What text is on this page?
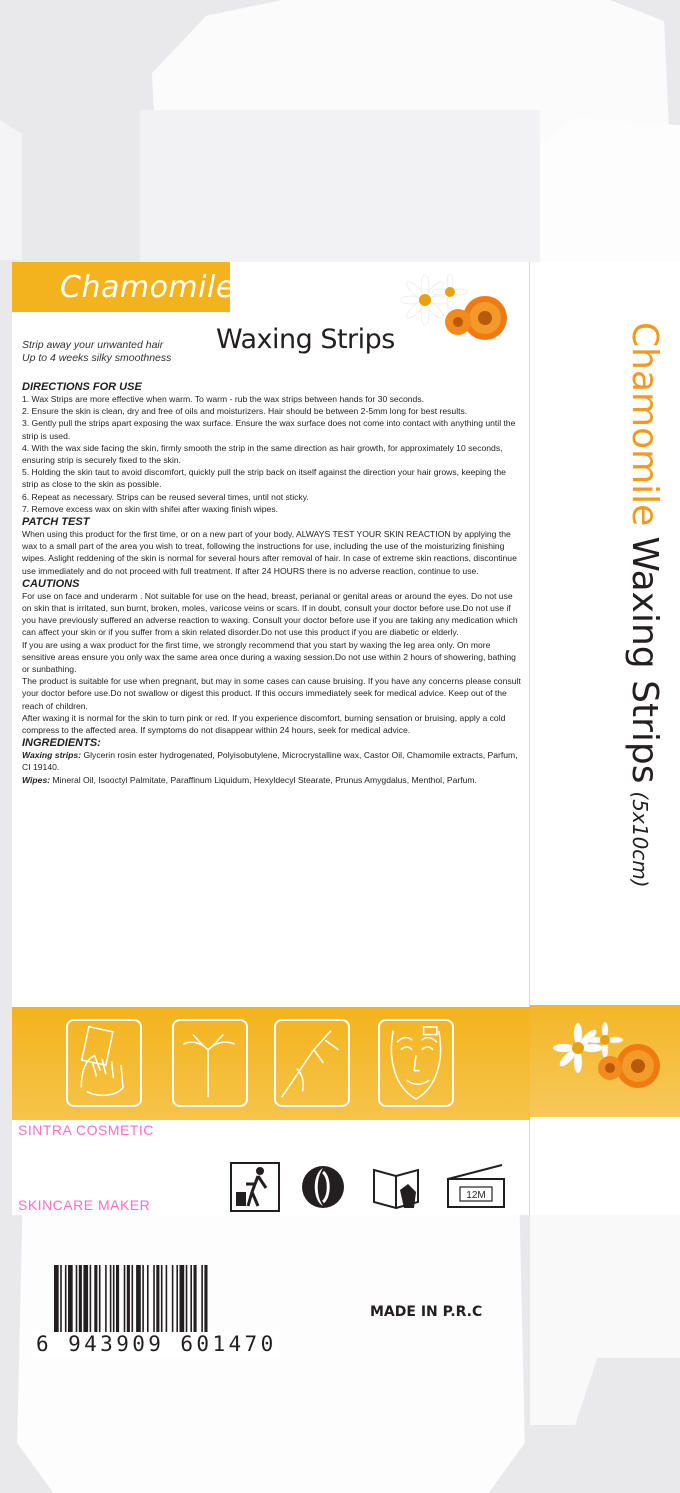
Chamomile
Strip away your unwanted hair
Up to 4 weeks silky smoothness
Waxing Strips
DIRECTIONS FOR USE
1. Wax Strips are more effective when warm. To warm - rub the wax strips between hands for 30 seconds.
2. Ensure the skin is clean, dry and free of oils and moisturizers. Hair should be between 2-5mm long for best results.
3. Gently pull the strips apart exposing the wax surface. Ensure the wax surface does not come into contact with anything until the strip is used.
4. With the wax side facing the skin, firmly smooth the strip in the same direction as hair growth, for approximately 10 seconds, ensuring strip is securely fixed to the skin.
5. Holding the skin taut to avoid discomfort, quickly pull the strip back on itself against the direction your hair grows, keeping the strip as close to the skin as possible.
6. Repeat as necessary. Strips can be reused several times, until not sticky.
7. Remove excess wax on skin with shifei after waxing finish wipes.
PATCH TEST
When using this product for the first time, or on a new part of your body, ALWAYS TEST YOUR SKIN REACTION by applying the wax to a small part of the area you wish to treat, following the instructions for use, including the use of the moisturizing finishing wipes. Aslight reddening of the skin is normal for several hours after removal of hair. In case of extreme skin reactions, discontinue use immediately and do not proceed with full treatment. If after 24 HOURS there is no adverse reaction, continue to use.
CAUTIONS
For use on face and underarm . Not suitable for use on the head, breast, perianal or genital areas or around the eyes. Do not use on skin that is irritated, sun burnt, broken, moles, varicose veins or scars. If in doubt, consult your doctor before use.Do not use if you have previously suffered an adverse reaction to waxing. Consult your doctor before use if you are taking any medication which can affect your skin or if you suffer from a skin related disorder.Do not use this product if you are diabetic or elderly.
If you are using a wax product for the first time, we strongly recommend that you start by waxing the leg area only. On more sensitive areas ensure you only wax the same area once during a waxing session.Do not use within 2 hours of showering, bathing or sunbathing.
The product is suitable for use when pregnant, but may in some cases can cause bruising. If you have any concerns please consult your doctor before use.Do not swallow or digest this product. If this occurs immediately seek for medical advice. Keep out of the reach of children.
After waxing it is normal for the skin to turn pink or red. If you experience discomfort, burning sensation or bruising, apply a cold compress to the affected area. If symptoms do not disappear within 24 hours, seek for medical advice.
INGREDIENTS:
Waxing strips: Glycerin rosin ester hydrogenated, Polyisobutylene, Microcrystalline wax, Castor Oil, Chamomile extracts, Parfum, CI 19140.
Wipes: Mineral Oil, Isooctyl Palmitate, Paraffinum Liquidum, Hexyldecyl Stearate, Prunus Amygdalus, Menthol, Parfum.
SINTRA COSMETIC
SKINCARE MAKER
12M
ChamomileWaxing Strips(5x10cm)
6 943909 601470
MADE IN P.R.C
